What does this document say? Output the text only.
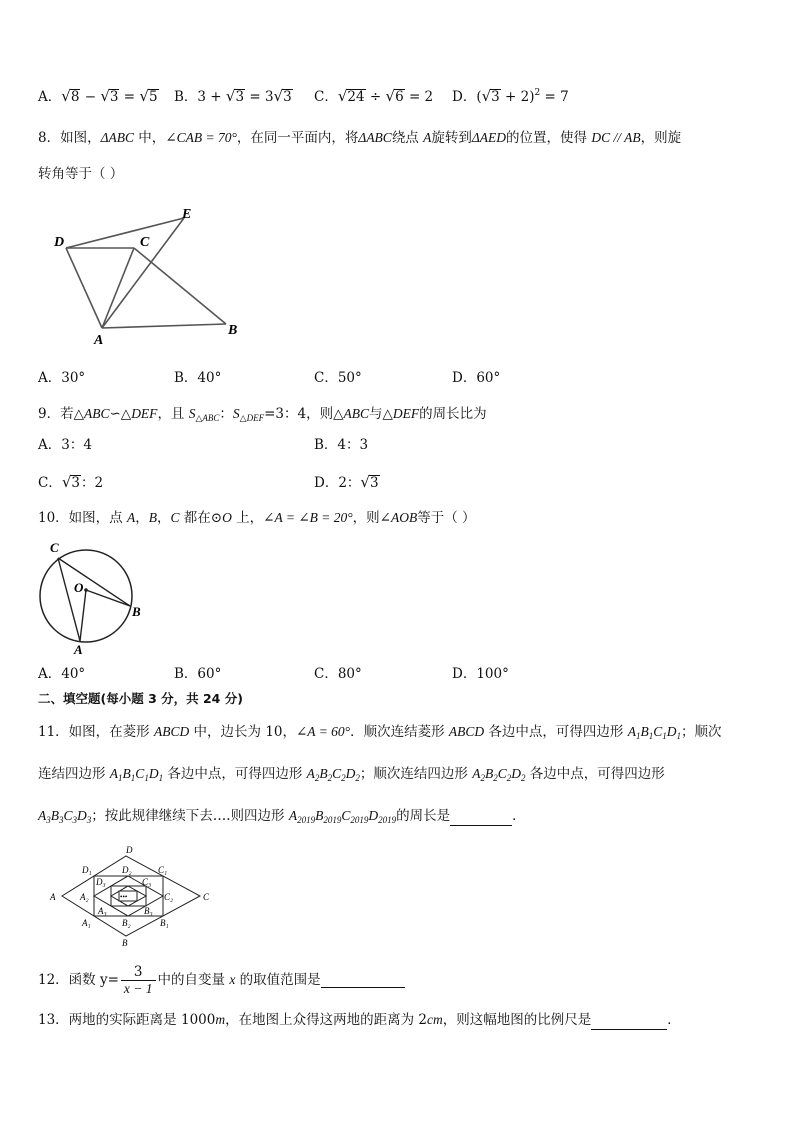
A．√8 − √3 = √5 B．3 + √3 = 3√3 C．√24 ÷ √6 = 2 D．$(√3 + 2)^2 = 7$
8．如图，ΔABC 中，∠CAB = 70°，在同一平面内，将ΔABC绕点 A旋转到ΔAED的位置，使得 DC // AB，则旋
转角等于（ ）
D	C
E
A
B
A．30°	B．40°	C．50°	D．60°
9．若△ABC∽△DEF，且 $S_{\triangle ABC}$：$S_{\triangle DEF}=3$：4，则△ABC与△DEF的周长比为
A．3：4	B．4：3
C．√3：2	D．2：√3
10．如图，点 A，B，C 都在⊙O 上，∠A = ∠B = 20°，则∠AOB等于（ ）
C
O
B
A
A．40°	B．60°	C．80°	D．100°
二、填空题(每小题 3 分，共 24 分)
11．如图，在菱形 ABCD 中，边长为 10，∠A = 60°．顺次连结菱形 ABCD 各边中点，可得四边形 $A_1B_1C_1D_1$；顺次
连结四边形 $A_1B_1C_1D_1$ 各边中点，可得四边形 $A_2B_2C_2D_2$；顺次连结四边形 $A_2B_2C_2D_2$ 各边中点，可得四边形
$A_3B_3C_3D_3$；按此规律继续下去….则四边形 $A_{2019}B_{2019}C_{2019}D_{2019}$的周长是	．
D
A	C
B
D₁	C₁
A₁	B₁
D₂
C₂
A₂
B₂
D₃	C₃
A₃	B₃
•••
12．函数 $y= \frac{3}{x - 1}$ 中的自变量 x 的取值范围是
13．两地的实际距离是 1000m，在地图上众得这两地的距离为 2cm，则这幅地图的比例尺是	．
